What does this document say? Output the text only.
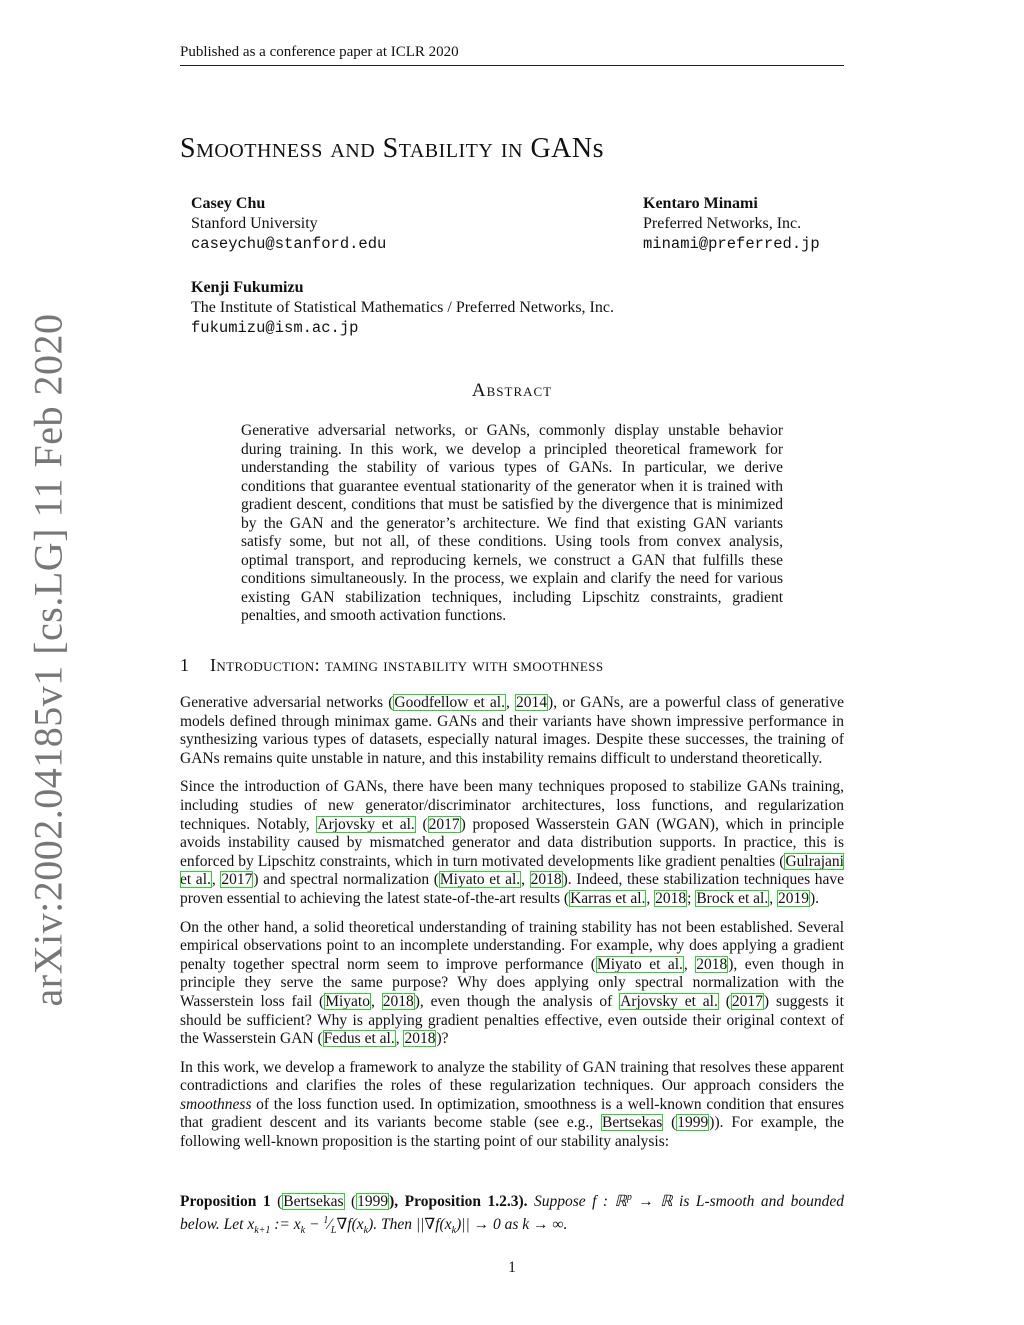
Published as a conference paper at ICLR 2020
arXiv:2002.04185v1 [cs.LG] 11 Feb 2020
Smoothness and Stability in GANs
Casey Chu
Stanford University
caseychu@stanford.edu
Kentaro Minami
Preferred Networks, Inc.
minami@preferred.jp
Kenji Fukumizu
The Institute of Statistical Mathematics / Preferred Networks, Inc.
fukumizu@ism.ac.jp
Abstract
Generative adversarial networks, or GANs, commonly display unstable behavior during training. In this work, we develop a principled theoretical framework for understanding the stability of various types of GANs. In particular, we derive conditions that guarantee eventual stationarity of the generator when it is trained with gradient descent, conditions that must be satisfied by the divergence that is minimized by the GAN and the generator’s architecture. We find that existing GAN variants satisfy some, but not all, of these conditions. Using tools from convex analysis, optimal transport, and reproducing kernels, we construct a GAN that fulfills these conditions simultaneously. In the process, we explain and clarify the need for various existing GAN stabilization techniques, including Lipschitz constraints, gradient penalties, and smooth activation functions.
1 Introduction: taming instability with smoothness

Generative adversarial networks (Goodfellow et al., 2014), or GANs, are a powerful class of generative models defined through minimax game. GANs and their variants have shown impressive performance in synthesizing various types of datasets, especially natural images. Despite these successes, the training of GANs remains quite unstable in nature, and this instability remains difficult to understand theoretically.

Since the introduction of GANs, there have been many techniques proposed to stabilize GANs training, including studies of new generator/discriminator architectures, loss functions, and regularization techniques. Notably, Arjovsky et al. (2017) proposed Wasserstein GAN (WGAN), which in principle avoids instability caused by mismatched generator and data distribution supports. In practice, this is enforced by Lipschitz constraints, which in turn motivated developments like gradient penalties (Gulrajani et al., 2017) and spectral normalization (Miyato et al., 2018). Indeed, these stabilization techniques have proven essential to achieving the latest state-of-the-art results (Karras et al., 2018; Brock et al., 2019).

On the other hand, a solid theoretical understanding of training stability has not been established. Several empirical observations point to an incomplete understanding. For example, why does applying a gradient penalty together spectral norm seem to improve performance (Miyato et al., 2018), even though in principle they serve the same purpose? Why does applying only spectral normalization with the Wasserstein loss fail (Miyato, 2018), even though the analysis of Arjovsky et al. (2017) suggests it should be sufficient? Why is applying gradient penalties effective, even outside their original context of the Wasserstein GAN (Fedus et al., 2018)?

In this work, we develop a framework to analyze the stability of GAN training that resolves these apparent contradictions and clarifies the roles of these regularization techniques. Our approach considers the smoothness of the loss function used. In optimization, smoothness is a well-known condition that ensures that gradient descent and its variants become stable (see e.g., Bertsekas (1999)). For example, the following well-known proposition is the starting point of our stability analysis:

Proposition 1 (Bertsekas (1999), Proposition 1.2.3). Suppose f : ℝ$^p$ → ℝ is L-smooth and bounded below. Let $x_{k+1}$ := $x_k$ − $^1⁄_L\nabla f(x_k)$. Then $||\nabla f(x_k)|| \to 0$ as k → ∞.
1
